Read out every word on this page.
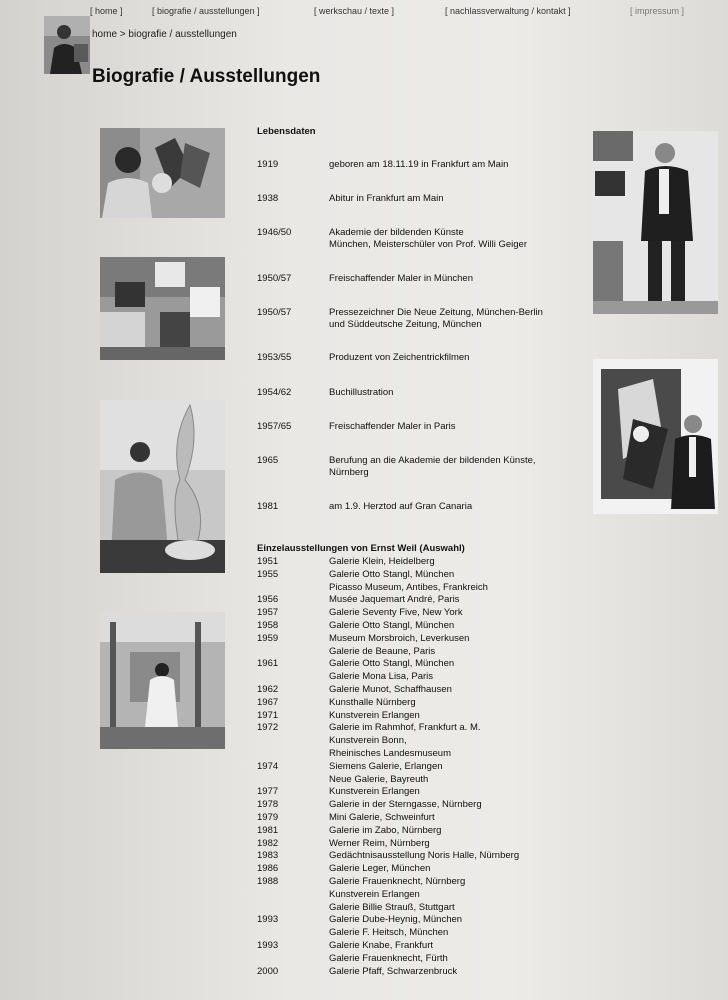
[ home ]	[ biografie / ausstellungen ]	[ werkschau / texte ]	[ nachlassverwaltung / kontakt ]	[ impressum ]
home > biografie / ausstellungen
Biografie / Ausstellungen
Lebensdaten
1919	geboren am 18.11.19 in Frankfurt am Main
1938	Abitur in Frankfurt am Main
1946/50	Akademie der bildenden Künste
München, Meisterschüler von Prof. Willi Geiger
1950/57	Freischaffender Maler in München
1950/57	Pressezeichner Die Neue Zeitung, München-Berlin
und Süddeutsche Zeitung, München
1953/55	Produzent von Zeichentrickfilmen
1954/62	Buchillustration
1957/65	Freischaffender Maler in Paris
1965	Berufung an die Akademie der bildenden Künste,
Nürnberg
1981	am 1.9. Herztod auf Gran Canaria
Einzelausstellungen von Ernst Weil (Auswahl)
1951	Galerie Klein, Heidelberg
1955	Galerie Otto Stangl, München
Picasso Museum, Antibes, Frankreich
1956	Musée Jaquemart André, Paris
1957	Galerie Seventy Five, New York
1958	Galerie Otto Stangl, München
1959	Museum Morsbroich, Leverkusen
Galerie de Beaune, Paris
1961	Galerie Otto Stangl, München
Galerie Mona Lisa, Paris
1962	Galerie Munot, Schaffhausen
1967	Kunsthalle Nürnberg
1971	Kunstverein Erlangen
1972	Galerie im Rahmhof, Frankfurt a. M.
Kunstverein Bonn,
Rheinisches Landesmuseum
1974	Siemens Galerie, Erlangen
Neue Galerie, Bayreuth
1977	Kunstverein Erlangen
1978	Galerie in der Sterngasse, Nürnberg
1979	Mini Galerie, Schweinfurt
1981	Galerie im Zabo, Nürnberg
1982	Werner Reim, Nürnberg
1983	Gedächtnisausstellung Noris Halle, Nürnberg
1986	Galerie Leger, München
1988	Galerie Frauenknecht, Nürnberg
Kunstverein Erlangen
Galerie Billie Strauß, Stuttgart
1993	Galerie Dube-Heynig, München
Galerie F. Heitsch, München
1993	Galerie Knabe, Frankfurt
Galerie Frauenknecht, Fürth
2000	Galerie Pfaff, Schwarzenbruck
